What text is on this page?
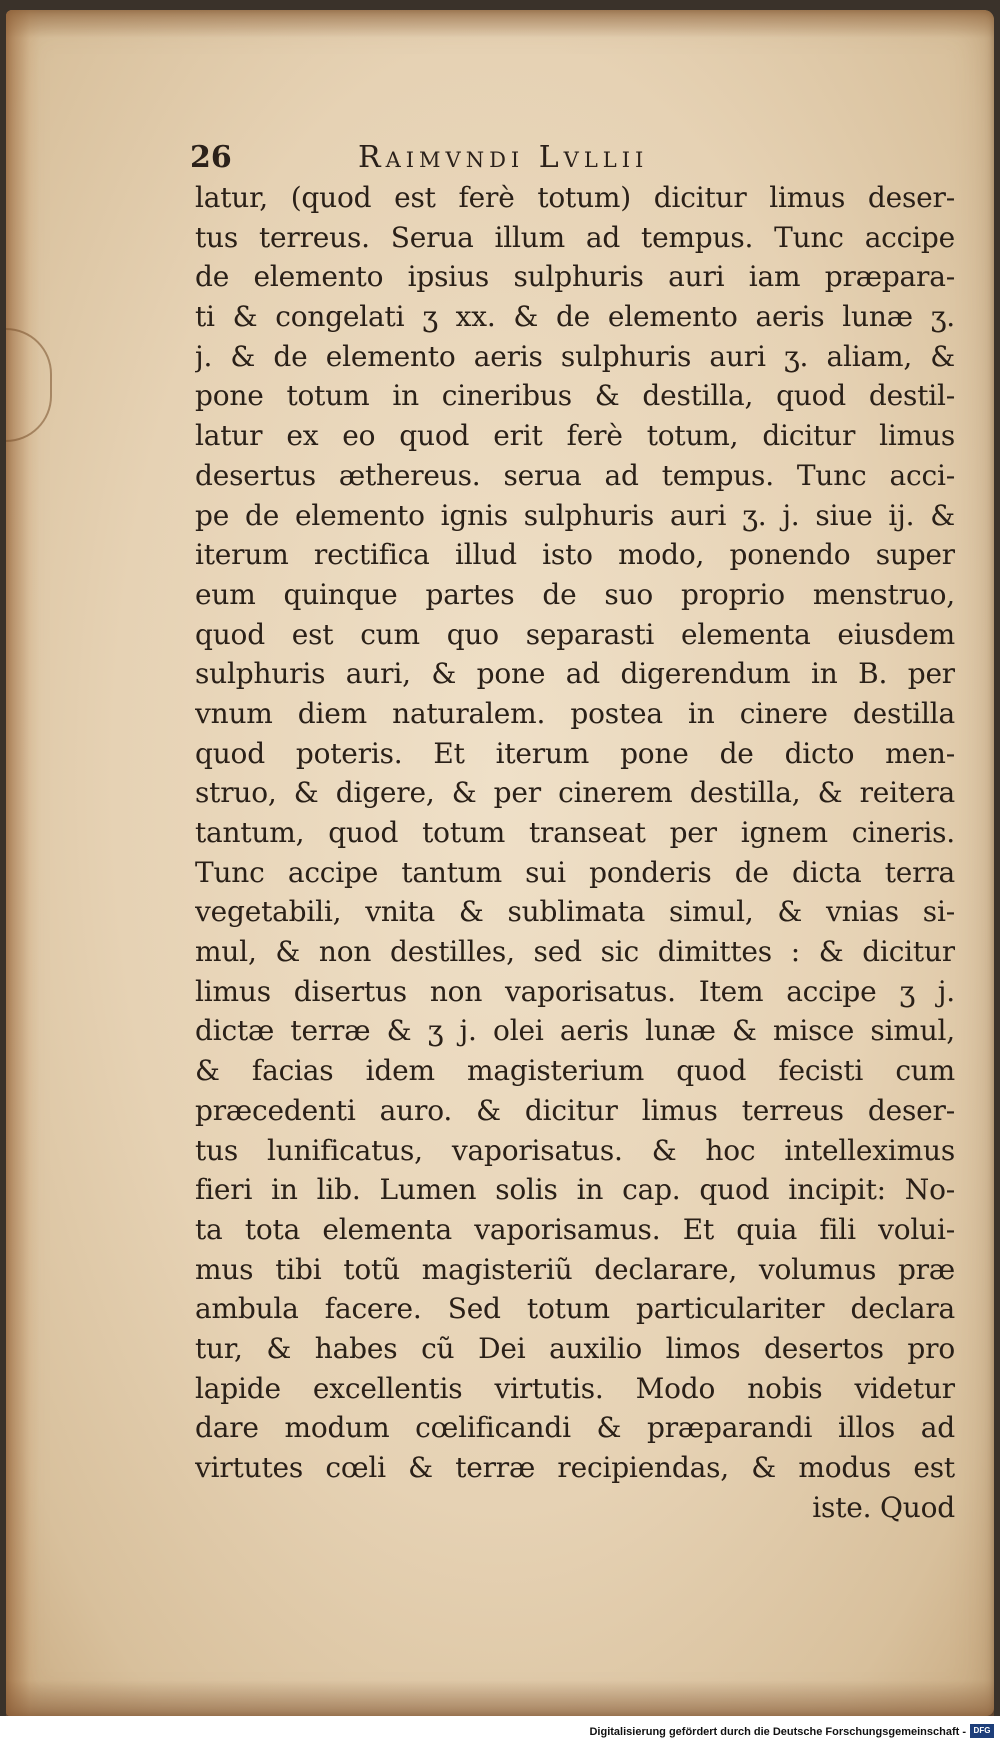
26	Raimvndi Lvllii
latur, (quod est ferè totum) dicitur limus deser-
tus terreus. Serua illum ad tempus. Tunc accipe
de elemento ipsius sulphuris auri iam præpara-
ti & congelati ʒ xx. & de elemento aeris lunæ ʒ.
j. & de elemento aeris sulphuris auri ʒ. aliam, &
pone totum in cineribus & destilla, quod destil-
latur ex eo quod erit ferè totum, dicitur limus
desertus æthereus. serua ad tempus. Tunc acci-
pe de elemento ignis sulphuris auri ʒ. j. siue ij. &
iterum rectifica illud isto modo, ponendo super
eum quinque partes de suo proprio menstruo,
quod est cum quo separasti elementa eiusdem
sulphuris auri, & pone ad digerendum in B. per
vnum diem naturalem. postea in cinere destilla
quod poteris. Et iterum pone de dicto men-
struo, & digere, & per cinerem destilla, & reitera
tantum, quod totum transeat per ignem cineris.
Tunc accipe tantum sui ponderis de dicta terra
vegetabili, vnita & sublimata simul, & vnias si-
mul, & non destilles, sed sic dimittes : & dicitur
limus disertus non vaporisatus. Item accipe ʒ j.
dictæ terræ & ʒ j. olei aeris lunæ & misce simul,
& facias idem magisterium quod fecisti cum
præcedenti auro. & dicitur limus terreus deser-
tus lunificatus, vaporisatus. & hoc intelleximus
fieri in lib. Lumen solis in cap. quod incipit: No-
ta tota elementa vaporisamus. Et quia fili volui-
mus tibi totũ magisteriũ declarare, volumus præ
ambula facere. Sed totum particulariter declara
tur, & habes cũ Dei auxilio limos desertos pro
lapide excellentis virtutis. Modo nobis videtur
dare modum cœlificandi & præparandi illos ad
virtutes cœli & terræ recipiendas, & modus est
iste. Quod
Digitalisierung gefördert durch die Deutsche Forschungsgemeinschaft - DFG
